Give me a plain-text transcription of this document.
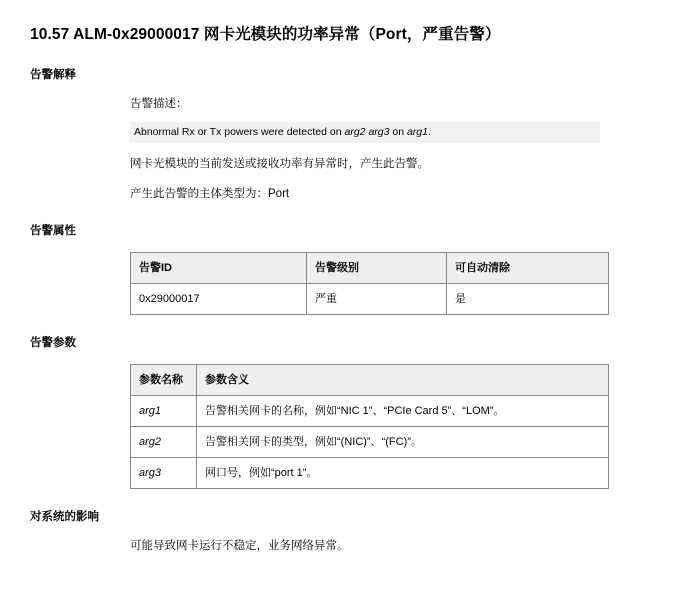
10.57 ALM-0x29000017 网卡光模块的功率异常（Port，严重告警）
告警解释
告警描述：
Abnormal Rx or Tx powers were detected on arg2 arg3 on arg1.
网卡光模块的当前发送或接收功率有异常时，产生此告警。
产生此告警的主体类型为：Port
告警属性
告警ID	告警级别	可自动清除
0x29000017	严重	是
告警参数
参数名称	参数含义
arg1	告警相关网卡的名称，例如“NIC 1”、“PCIe Card 5”、“LOM”。
arg2	告警相关网卡的类型，例如“(NIC)”、“(FC)”。
arg3	网口号，例如“port 1”。
对系统的影响
可能导致网卡运行不稳定，业务网络异常。
